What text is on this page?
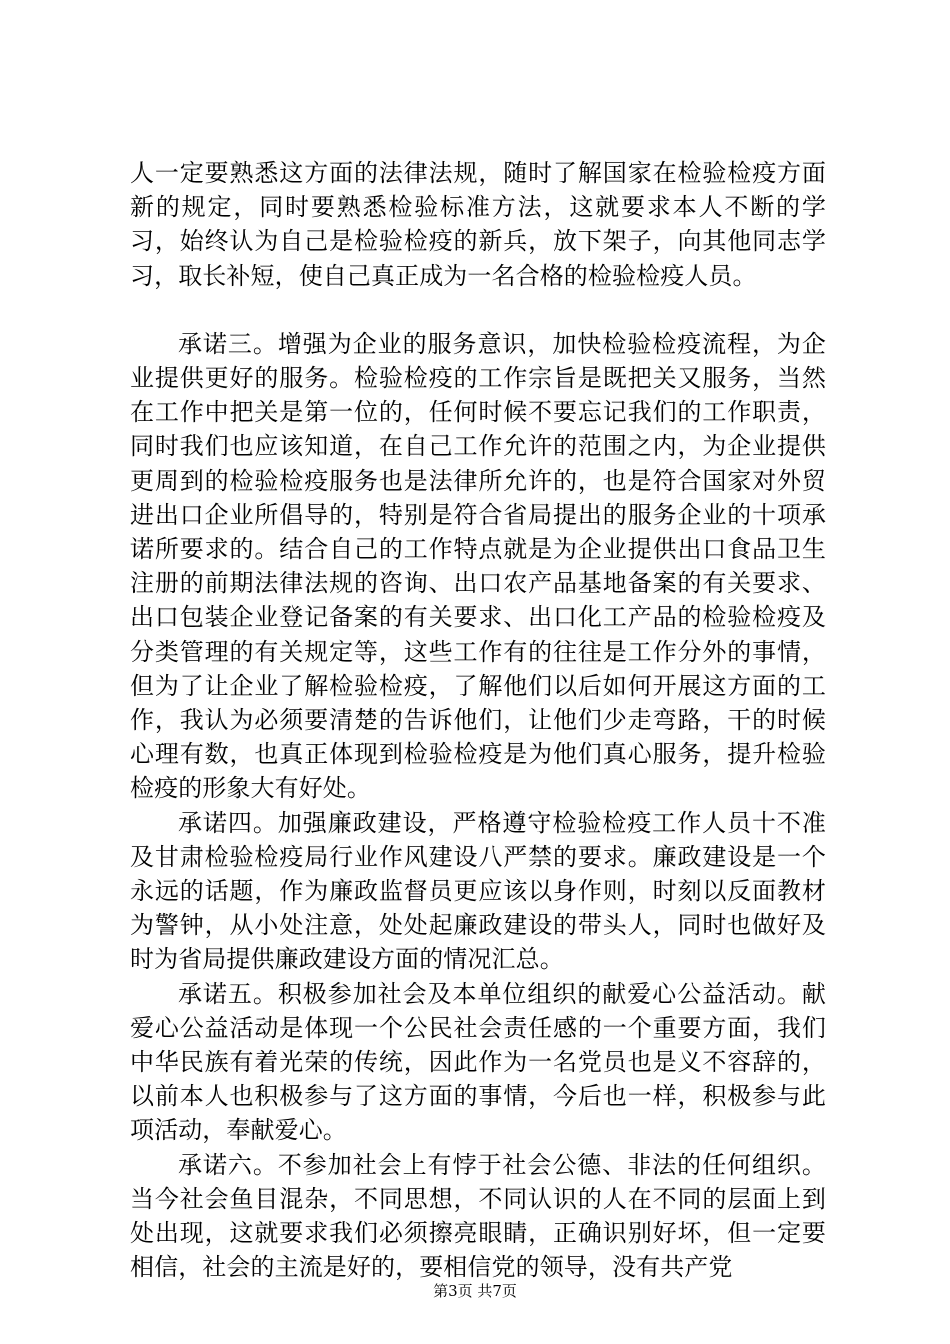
人一定要熟悉这方面的法律法规，随时了解国家在检验检疫方面新的规定，同时要熟悉检验标准方法，这就要求本人不断的学习，始终认为自己是检验检疫的新兵，放下架子，向其他同志学习，取长补短，使自己真正成为一名合格的检验检疫人员。

承诺三。增强为企业的服务意识，加快检验检疫流程，为企业提供更好的服务。检验检疫的工作宗旨是既把关又服务，当然在工作中把关是第一位的，任何时候不要忘记我们的工作职责，同时我们也应该知道，在自己工作允许的范围之内，为企业提供更周到的检验检疫服务也是法律所允许的，也是符合国家对外贸进出口企业所倡导的，特别是符合省局提出的服务企业的十项承诺所要求的。结合自己的工作特点就是为企业提供出口食品卫生注册的前期法律法规的咨询、出口农产品基地备案的有关要求、出口包装企业登记备案的有关要求、出口化工产品的检验检疫及分类管理的有关规定等，这些工作有的往往是工作分外的事情，但为了让企业了解检验检疫，了解他们以后如何开展这方面的工作，我认为必须要清楚的告诉他们，让他们少走弯路，干的时候心理有数，也真正体现到检验检疫是为他们真心服务，提升检验检疫的形象大有好处。

承诺四。加强廉政建设，严格遵守检验检疫工作人员十不准及甘肃检验检疫局行业作风建设八严禁的要求。廉政建设是一个永远的话题，作为廉政监督员更应该以身作则，时刻以反面教材为警钟，从小处注意，处处起廉政建设的带头人，同时也做好及时为省局提供廉政建设方面的情况汇总。

承诺五。积极参加社会及本单位组织的献爱心公益活动。献爱心公益活动是体现一个公民社会责任感的一个重要方面，我们中华民族有着光荣的传统，因此作为一名党员也是义不容辞的，以前本人也积极参与了这方面的事情，今后也一样，积极参与此项活动，奉献爱心。

承诺六。不参加社会上有悖于社会公德、非法的任何组织。当今社会鱼目混杂，不同思想，不同认识的人在不同的层面上到处出现，这就要求我们必须擦亮眼睛，正确识别好坏，但一定要相信，社会的主流是好的，要相信党的领导，没有共产党

第3页 共7页
